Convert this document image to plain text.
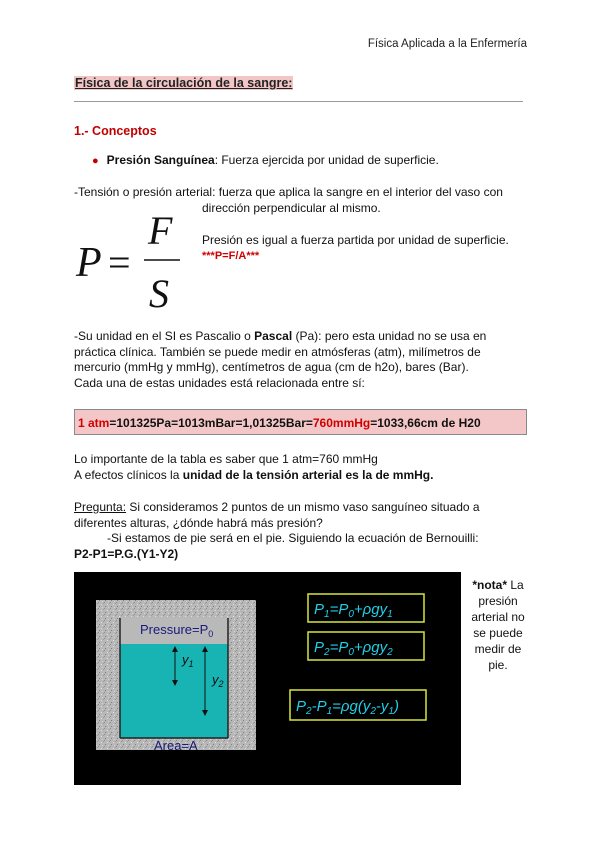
Física Aplicada a la Enfermería
Física de la circulación de la sangre:
1.- Conceptos
● Presión Sanguínea: Fuerza ejercida por unidad de superficie.
-Tensión o presión arterial: fuerza que aplica la sangre en el interior del vaso con
dirección perpendicular al mismo.
P =
F
S
Presión es igual a fuerza partida por unidad de superficie.
***P=F/A***
-Su unidad en el SI es Pascalio o Pascal (Pa): pero esta unidad no se usa en
práctica clínica. También se puede medir en atmósferas (atm), milímetros de
mercurio (mmHg y mmHg), centímetros de agua (cm de h2o), bares (Bar).
Cada una de estas unidades está relacionada entre sí:
1 atm=101325Pa=1013mBar=1,01325Bar=760mmHg=1033,66cm de H20
Lo importante de la tabla es saber que 1 atm=760 mmHg
A efectos clínicos la unidad de la tensión arterial es la de mmHg.
Pregunta: Si consideramos 2 puntos de un mismo vaso sanguíneo situado a
diferentes alturas, ¿dónde habrá más presión?
-Si estamos de pie será en el pie. Siguiendo la ecuación de Bernouilli:
P2-P1=P.G.(Y1-Y2)
$Pressure=P_0$
$y_1$
$y_2$
Area=A
$P_1=P_0+\rho gy_1$
$P_2=P_0+\rho gy_2$
$P_2-P_1=\rho g(y_2-y_1)$
*nota* La presión arterial no se puede medir de pie.
